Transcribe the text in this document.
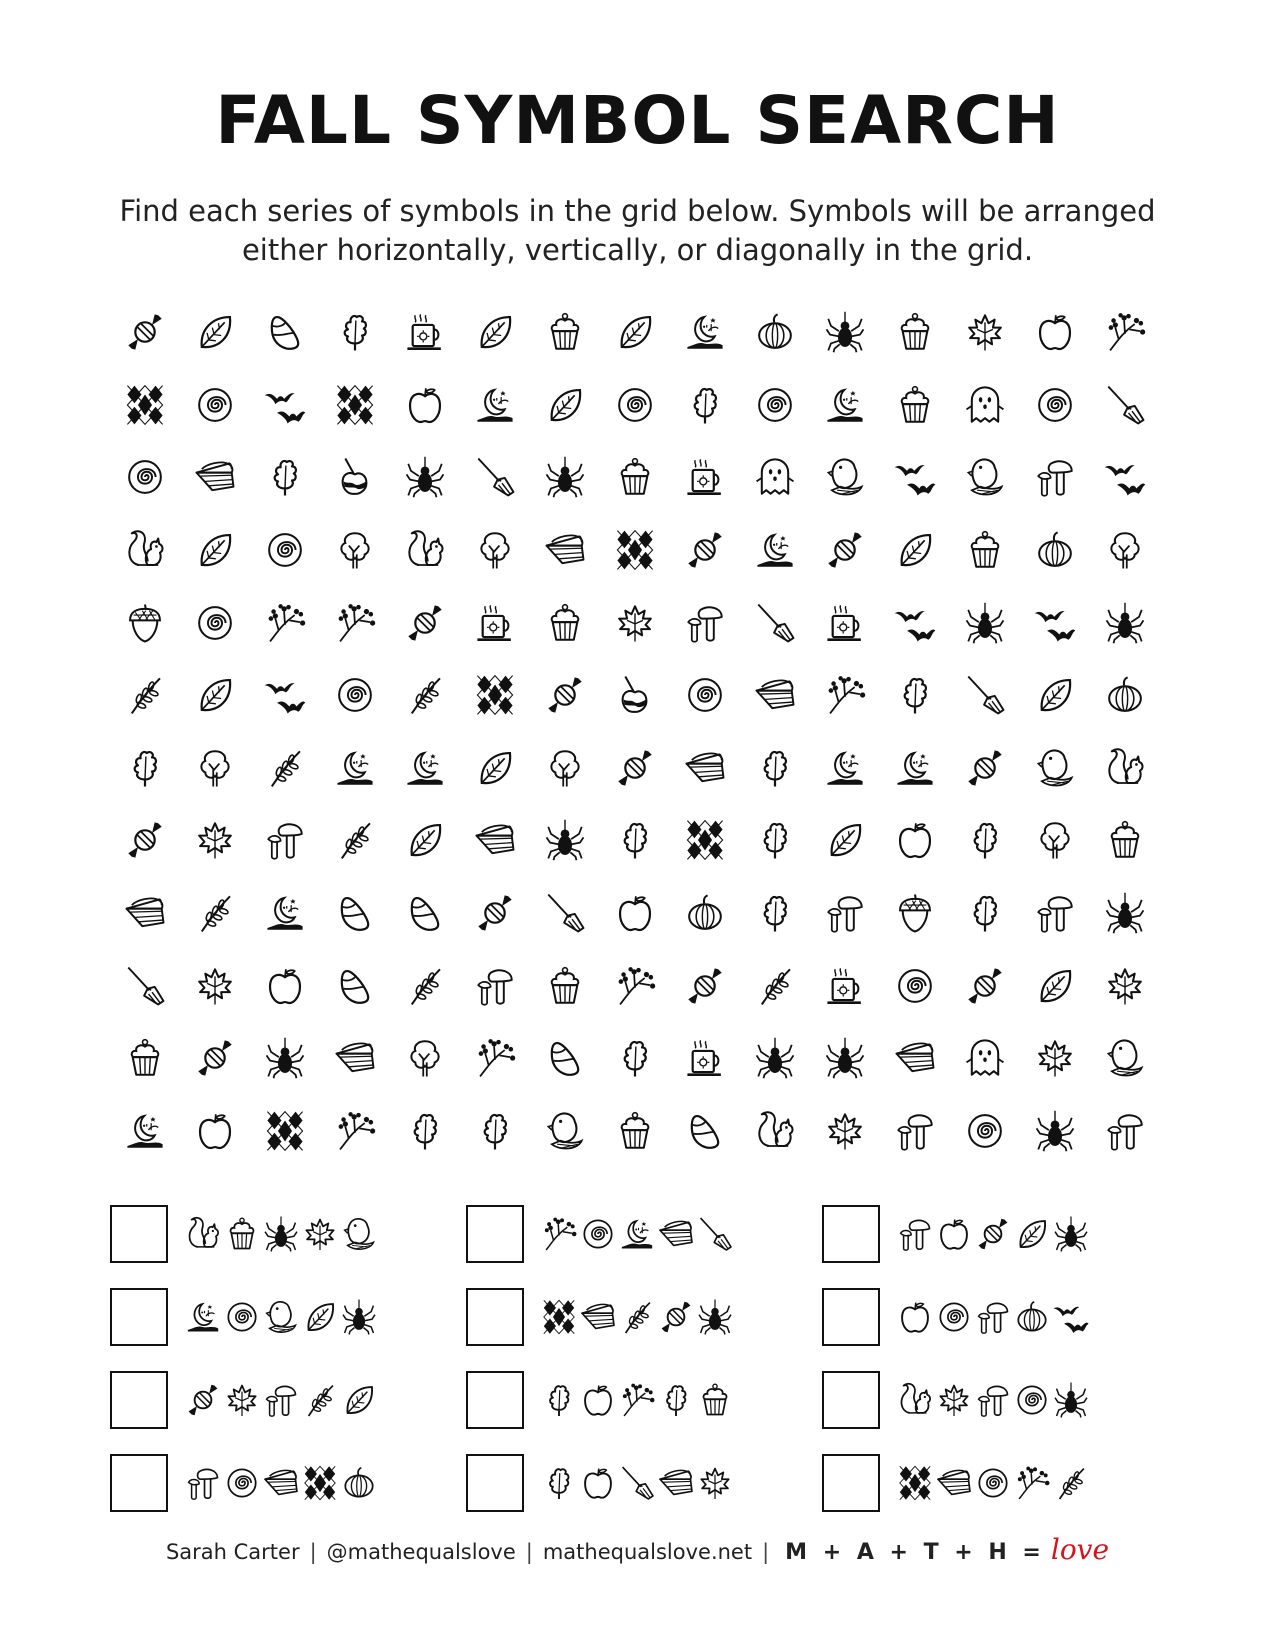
FALL SYMBOL SEARCH
Find each series of symbols in the grid below. Symbols will be arranged either horizontally, vertically, or diagonally in the grid.
Sarah Carter | @mathequalslove | mathequalslove.net | M + A + T + H = love
